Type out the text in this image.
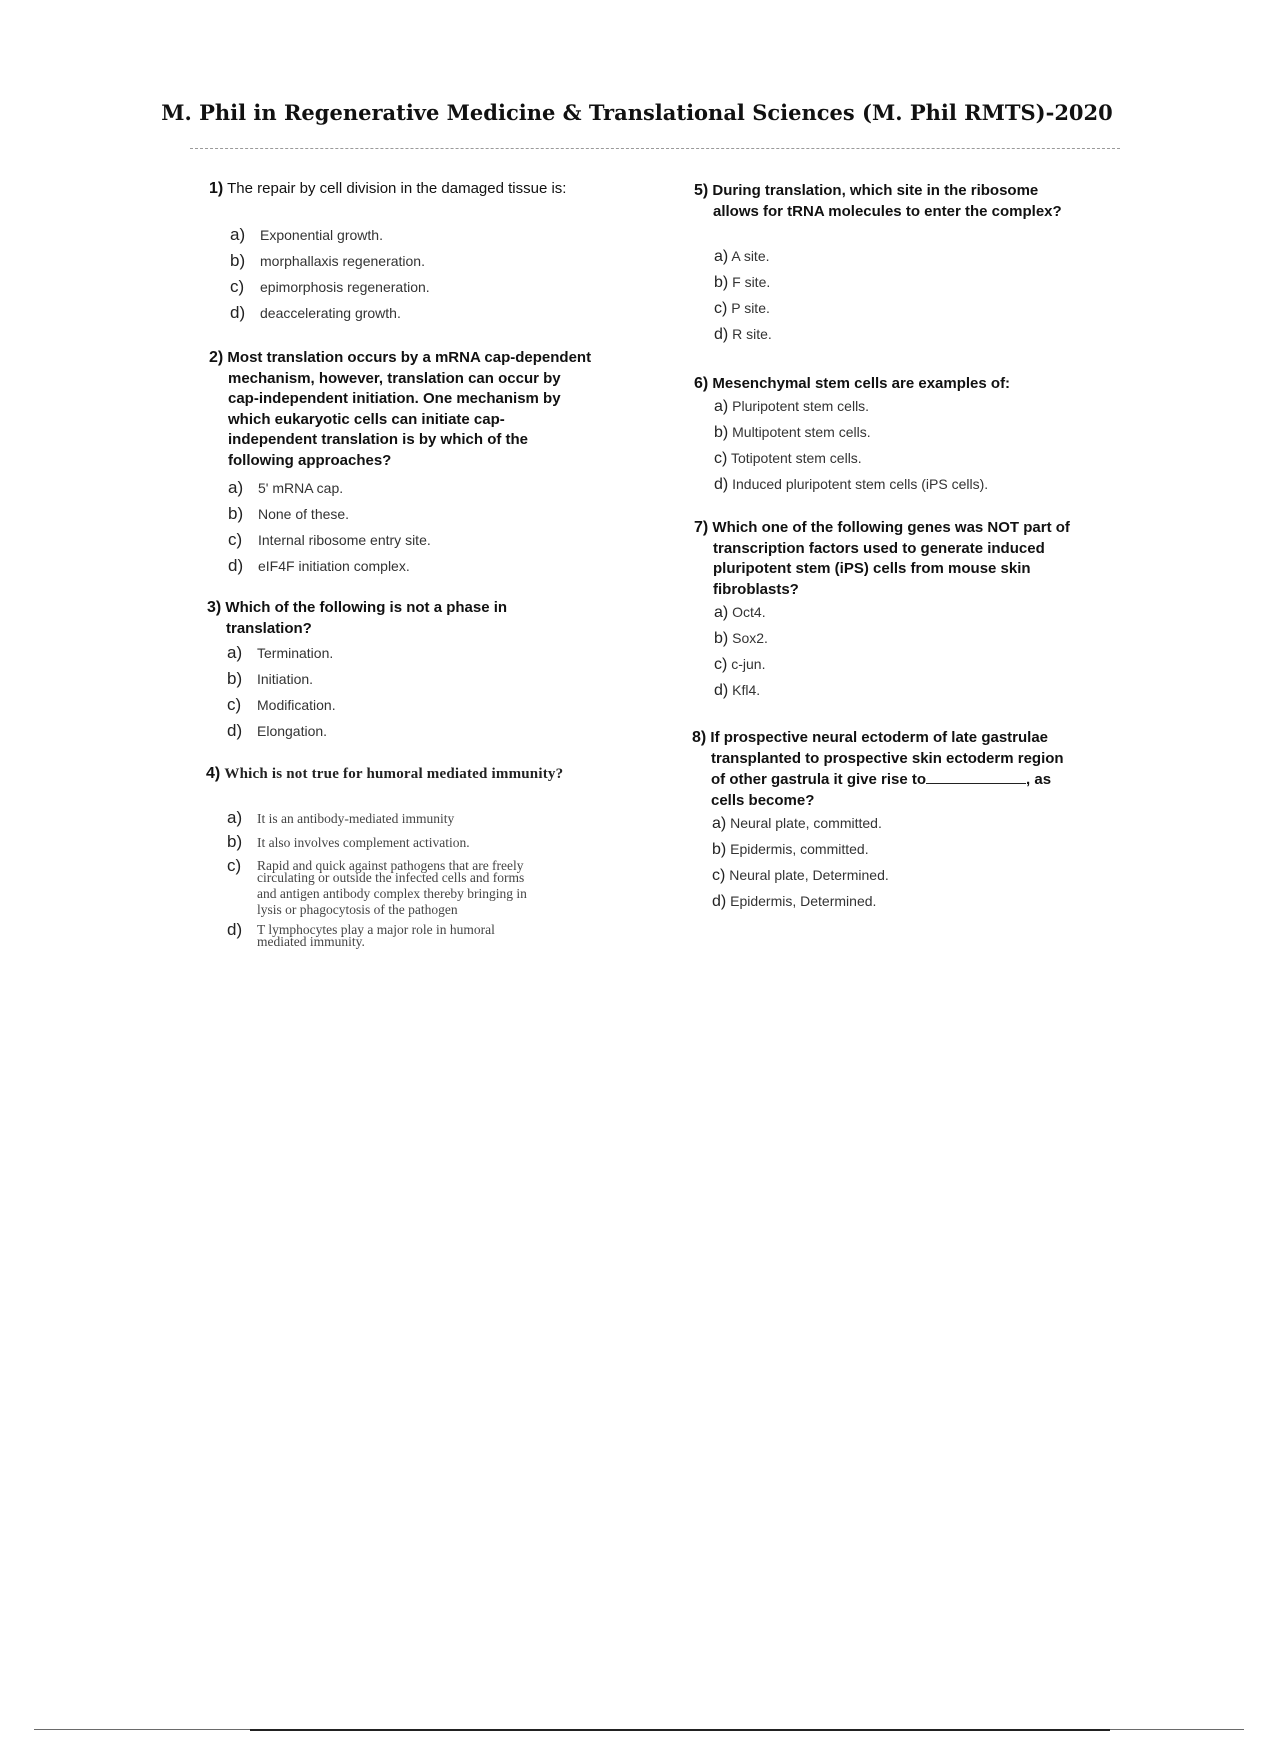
M. Phil in Regenerative Medicine & Translational Sciences (M. Phil RMTS)-2020

1) The repair by cell division in the damaged tissue is:

a) Exponential growth.
b) morphallaxis regeneration.
c) epimorphosis regeneration.
d) deaccelerating growth.

2) Most translation occurs by a mRNA cap-dependent

mechanism, however, translation can occur by

cap-independent initiation. One mechanism by

which eukaryotic cells can initiate cap-

independent translation is by which of the

following approaches?

a) 5' mRNA cap.
b) None of these.
c) Internal ribosome entry site.
d) eIF4F initiation complex.

3) Which of the following is not a phase in

translation?

a) Termination.
b) Initiation.
c) Modification.
d) Elongation.

4) Which is not true for humoral mediated immunity?

a) It is an antibody-mediated immunity
b) It also involves complement activation.
c) Rapid and quick against pathogens that are freely
circulating or outside the infected cells and forms
and antigen antibody complex thereby bringing in
lysis or phagocytosis of the pathogen
d) T lymphocytes play a major role in humoral
mediated immunity.

5) During translation, which site in the ribosome

allows for tRNA molecules to enter the complex?

a) A site.
b) F site.
c) P site.
d) R site.

6) Mesenchymal stem cells are examples of:

a) Pluripotent stem cells.
b) Multipotent stem cells.
c) Totipotent stem cells.
d) Induced pluripotent stem cells (iPS cells).

7) Which one of the following genes was NOT part of

transcription factors used to generate induced

pluripotent stem (iPS) cells from mouse skin

fibroblasts?

a) Oct4.
b) Sox2.
c) c-jun.
d) Kfl4.

8) If prospective neural ectoderm of late gastrulae

transplanted to prospective skin ectoderm region

of other gastrula it give rise to	, as

cells become?

a) Neural plate, committed.
b) Epidermis, committed.
c) Neural plate, Determined.
d) Epidermis, Determined.
